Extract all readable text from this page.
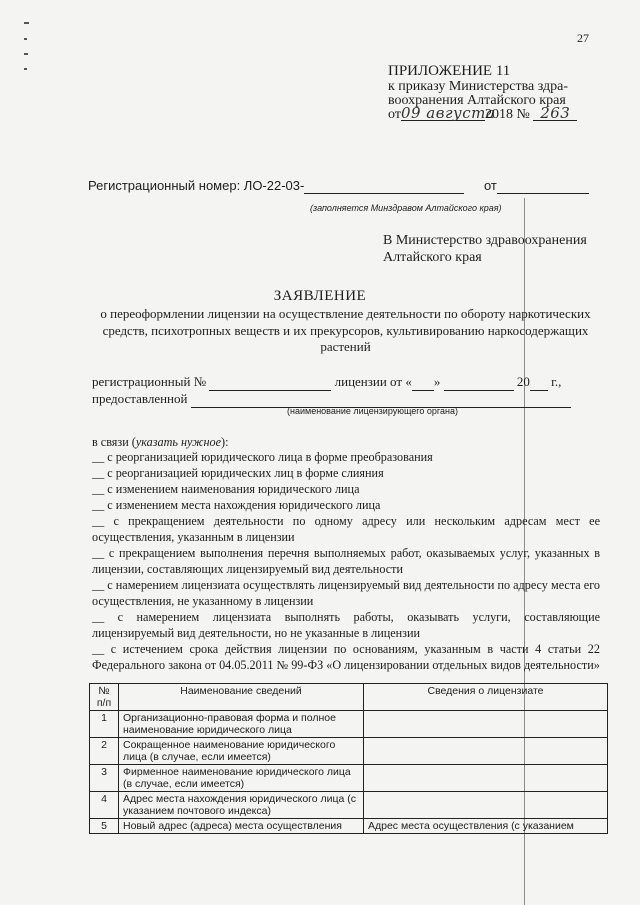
27
ПРИЛОЖЕНИЕ 11
к приказу Министерства здра-
воохранения Алтайского края
от09 августа2018 № 263
Регистрационный номер: ЛО-22-03-	от
(заполняется Минздравом Алтайского края)
В Министерство здравоохранения
Алтайского края
ЗАЯВЛЕНИЕ
о переоформлении лицензии на осуществление деятельности по обороту наркотических средств, психотропных веществ и их прекурсоров, культивированию наркосодержащих растений
регистрационный №	лицензии от « »	20 г.,
предоставленной
(наименование лицензирующего органа)
в связи (указать нужное):
__ с реорганизацией юридического лица в форме преобразования
__ с реорганизацией юридических лиц в форме слияния
__ с изменением наименования юридического лица
__ с изменением места нахождения юридического лица
__ с прекращением деятельности по одному адресу или нескольким адресам мест ее осуществления, указанным в лицензии
__ с прекращением выполнения перечня выполняемых работ, оказываемых услуг, указанных в лицензии, составляющих лицензируемый вид деятельности
__ с намерением лицензиата осуществлять лицензируемый вид деятельности по адресу места его осуществления, не указанному в лицензии
__ с намерением лицензиата выполнять работы, оказывать услуги, составляющие лицензируемый вид деятельности, но не указанные в лицензии
__ с истечением срока действия лицензии по основаниям, указанным в части 4 статьи 22 Федерального закона от 04.05.2011 № 99-ФЗ «О лицензировании отдельных видов деятельности»
№ п/п	Наименование сведений	Сведения о лицензиате
1	Организационно-правовая форма и полное наименование юридического лица	
2	Сокращенное наименование юридического лица (в случае, если имеется)	
3	Фирменное наименование юридического лица (в случае, если имеется)	
4	Адрес места нахождения юридического лица (с указанием почтового индекса)	
5	Новый адрес (адреса) места осуществления	Адрес места осуществления (с указанием
